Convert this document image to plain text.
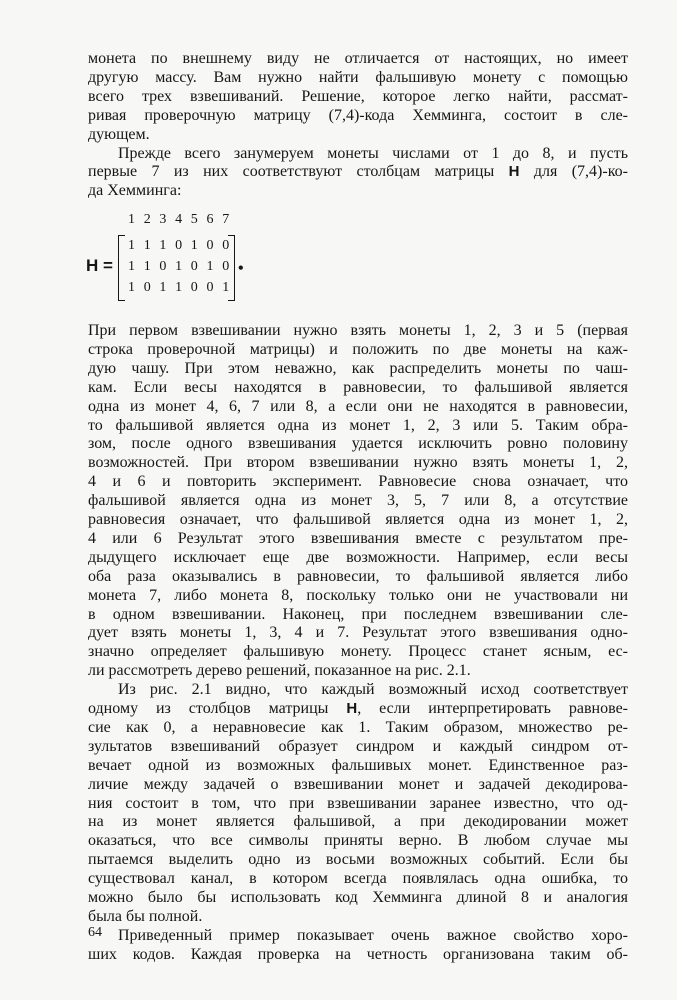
монета по внешнему виду не отличается от настоящих, но имеет
другую массу. Вам нужно найти фальшивую монету с помощью
всего трех взвешиваний. Решение, которое легко найти, рассмат-
ривая проверочную матрицу (7,4)-кода Хемминга, состоит в сле-
дующем.
Прежде всего занумеруем монеты числами от 1 до 8, и пусть
первые 7 из них соответствуют столбцам матрицы H для (7,4)-ко-
да Хемминга:
1 2 3 4 5 6 7
H =
1 1 1 0 1 0 0
1 1 0 1 0 1 0
1 0 1 1 0 0 1
•
При первом взвешивании нужно взять монеты 1, 2, 3 и 5 (первая
строка проверочной матрицы) и положить по две монеты на каж-
дую чашу. При этом неважно, как распределить монеты по чаш-
кам. Если весы находятся в равновесии, то фальшивой является
одна из монет 4, 6, 7 или 8, а если они не находятся в равновесии,
то фальшивой является одна из монет 1, 2, 3 или 5. Таким обра-
зом, после одного взвешивания удается исключить ровно половину
возможностей. При втором взвешивании нужно взять монеты 1, 2,
4 и 6 и повторить эксперимент. Равновесие снова означает, что
фальшивой является одна из монет 3, 5, 7 или 8, а отсутствие
равновесия означает, что фальшивой является одна из монет 1, 2,
4 или 6 Результат этого взвешивания вместе с результатом пре-
дыдущего исключает еще две возможности. Например, если весы
оба раза оказывались в равновесии, то фальшивой является либо
монета 7, либо монета 8, поскольку только они не участвовали ни
в одном взвешивании. Наконец, при последнем взвешивании сле-
дует взять монеты 1, 3, 4 и 7. Результат этого взвешивания одно-
значно определяет фальшивую монету. Процесс станет ясным, ес-
ли рассмотреть дерево решений, показанное на рис. 2.1.
Из рис. 2.1 видно, что каждый возможный исход соответствует
одному из столбцов матрицы H, если интерпретировать равнове-
сие как 0, а неравновесие как 1. Таким образом, множество ре-
зультатов взвешиваний образует синдром и каждый синдром от-
вечает одной из возможных фальшивых монет. Единственное раз-
личие между задачей о взвешивании монет и задачей декодирова-
ния состоит в том, что при взвешивании заранее известно, что од-
на из монет является фальшивой, а при декодировании может
оказаться, что все символы приняты верно. В любом случае мы
пытаемся выделить одно из восьми возможных событий. Если бы
существовал канал, в котором всегда появлялась одна ошибка, то
можно было бы использовать код Хемминга длиной 8 и аналогия
была бы полной.
Приведенный пример показывает очень важное свойство хоро-
ших кодов. Каждая проверка на четность организована таким об-
64
